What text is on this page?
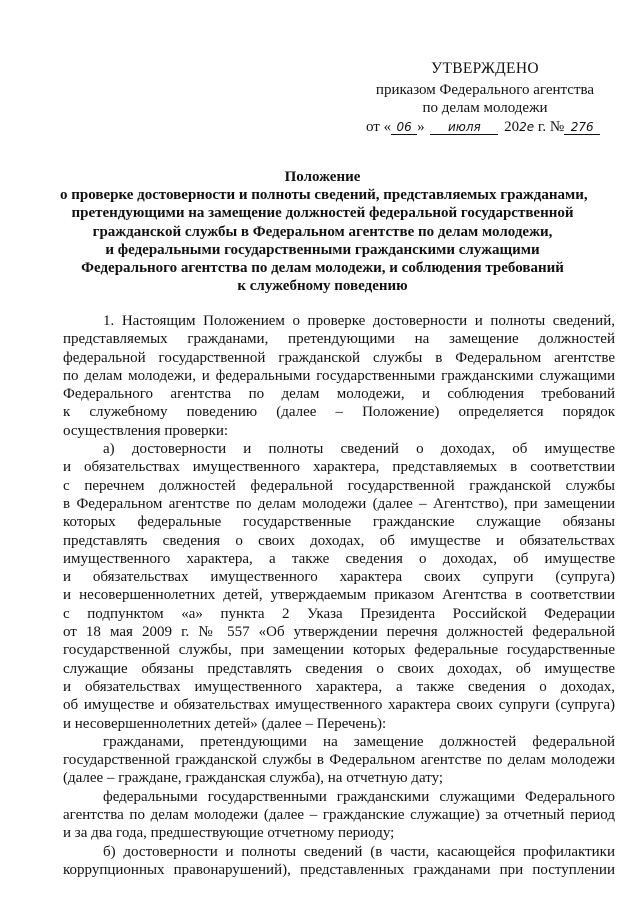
УТВЕРЖДЕНО
приказом Федерального агентства
по делам молодежи
от « 06 » июля 202е г. № 276
Положение
о проверке достоверности и полноты сведений, представляемых гражданами,
претендующими на замещение должностей федеральной государственной
гражданской службы в Федеральном агентстве по делам молодежи,
и федеральными государственными гражданскими служащими
Федерального агентства по делам молодежи, и соблюдения требований
к служебному поведению
1. Настоящим Положением о проверке достоверности и полноты сведений,
представляемых гражданами, претендующими на замещение должностей
федеральной государственной гражданской службы в Федеральном агентстве
по делам молодежи, и федеральными государственными гражданскими служащими
Федерального агентства по делам молодежи, и соблюдения требований
к служебному поведению (далее – Положение) определяется порядок
осуществления проверки:
а) достоверности и полноты сведений о доходах, об имуществе
и обязательствах имущественного характера, представляемых в соответствии
с перечнем должностей федеральной государственной гражданской службы
в Федеральном агентстве по делам молодежи (далее – Агентство), при замещении
которых федеральные государственные гражданские служащие обязаны
представлять сведения о своих доходах, об имуществе и обязательствах
имущественного характера, а также сведения о доходах, об имуществе
и обязательствах имущественного характера своих супруги (супруга)
и несовершеннолетних детей, утверждаемым приказом Агентства в соответствии
с подпунктом «а» пункта 2 Указа Президента Российской Федерации
от 18 мая 2009 г. № 557 «Об утверждении перечня должностей федеральной
государственной службы, при замещении которых федеральные государственные
служащие обязаны представлять сведения о своих доходах, об имуществе
и обязательствах имущественного характера, а также сведения о доходах,
об имуществе и обязательствах имущественного характера своих супруги (супруга)
и несовершеннолетних детей» (далее – Перечень):
гражданами, претендующими на замещение должностей федеральной
государственной гражданской службы в Федеральном агентстве по делам молодежи
(далее – граждане, гражданская служба), на отчетную дату;
федеральными государственными гражданскими служащими Федерального
агентства по делам молодежи (далее – гражданские служащие) за отчетный период
и за два года, предшествующие отчетному периоду;
б) достоверности и полноты сведений (в части, касающейся профилактики
коррупционных правонарушений), представленных гражданами при поступлении
